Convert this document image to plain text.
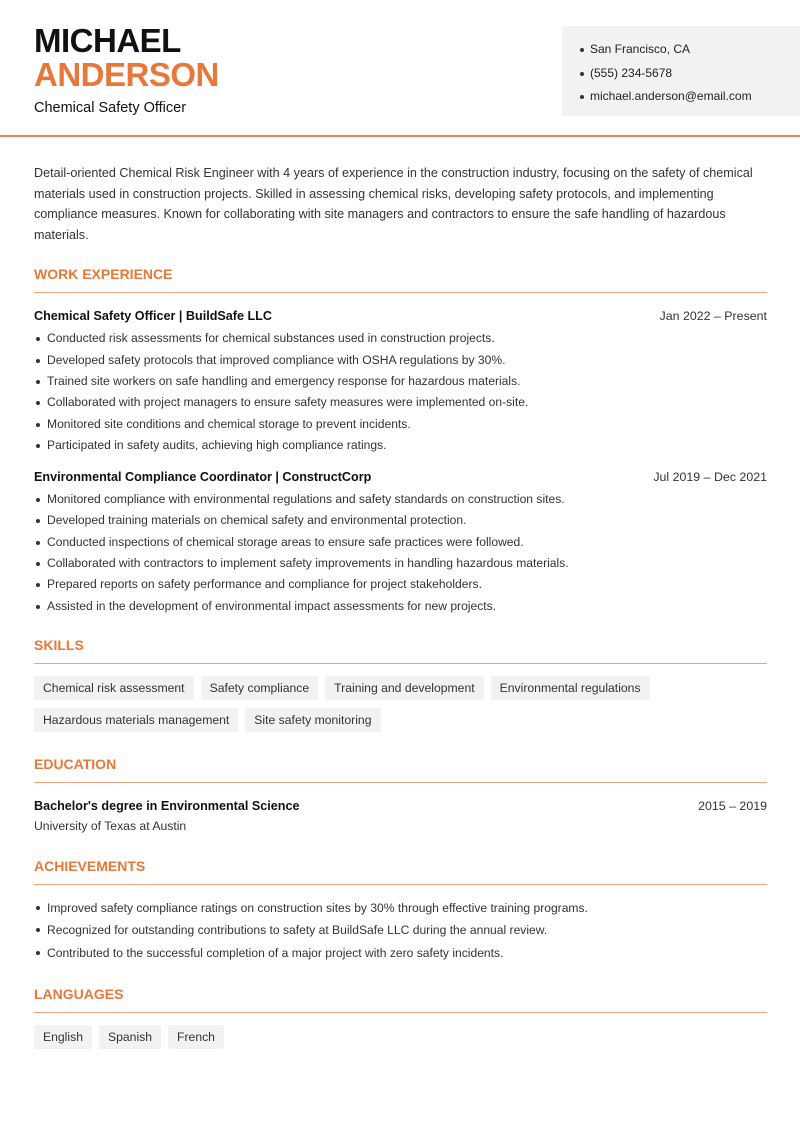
MICHAEL
ANDERSON
Chemical Safety Officer
San Francisco, CA
(555) 234-5678
michael.anderson@email.com

Detail-oriented Chemical Risk Engineer with 4 years of experience in the construction industry, focusing on the safety of chemical materials used in construction projects. Skilled in assessing chemical risks, developing safety protocols, and implementing compliance measures. Known for collaborating with site managers and contractors to ensure the safe handling of hazardous materials.

WORK EXPERIENCE
Chemical Safety Officer | BuildSafe LLC	Jan 2022 – Present
Conducted risk assessments for chemical substances used in construction projects.
Developed safety protocols that improved compliance with OSHA regulations by 30%.
Trained site workers on safe handling and emergency response for hazardous materials.
Collaborated with project managers to ensure safety measures were implemented on-site.
Monitored site conditions and chemical storage to prevent incidents.
Participated in safety audits, achieving high compliance ratings.
Environmental Compliance Coordinator | ConstructCorp	Jul 2019 – Dec 2021
Monitored compliance with environmental regulations and safety standards on construction sites.
Developed training materials on chemical safety and environmental protection.
Conducted inspections of chemical storage areas to ensure safe practices were followed.
Collaborated with contractors to implement safety improvements in handling hazardous materials.
Prepared reports on safety performance and compliance for project stakeholders.
Assisted in the development of environmental impact assessments for new projects.
SKILLS
Chemical risk assessment	Safety compliance	Training and development	Environmental regulations
Hazardous materials management	Site safety monitoring
EDUCATION
Bachelor's degree in Environmental Science	2015 – 2019
University of Texas at Austin
ACHIEVEMENTS
Improved safety compliance ratings on construction sites by 30% through effective training programs.
Recognized for outstanding contributions to safety at BuildSafe LLC during the annual review.
Contributed to the successful completion of a major project with zero safety incidents.
LANGUAGES
English	Spanish	French
